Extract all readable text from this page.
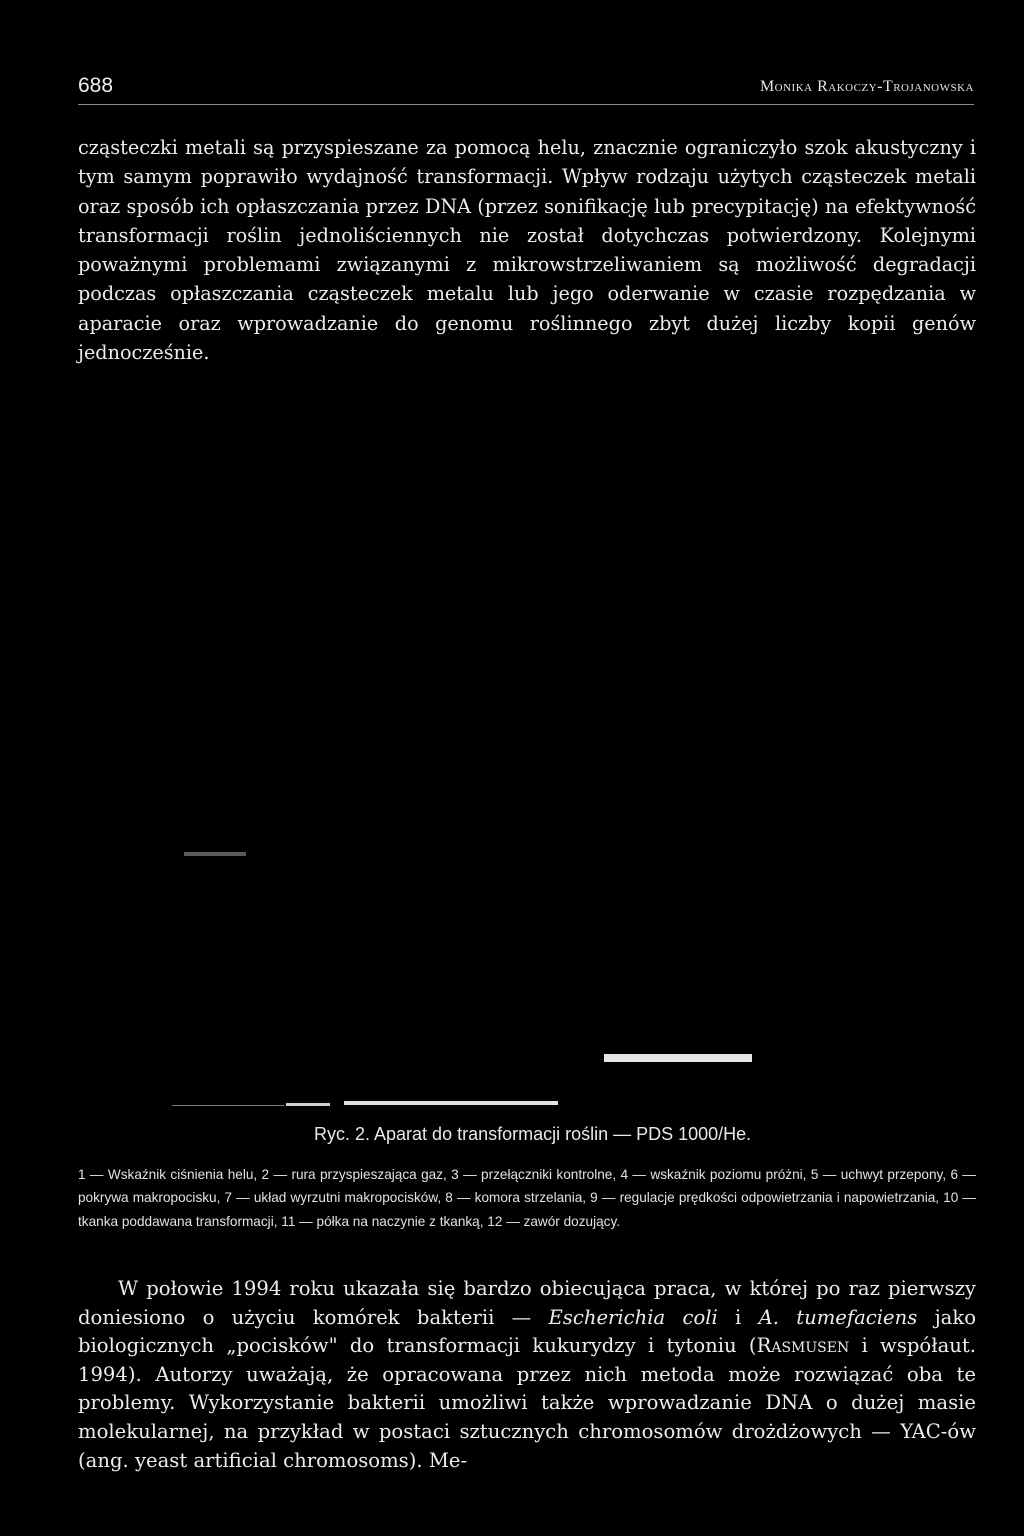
688	Monika Rakoczy-Trojanowska

cząsteczki metali są przyspieszane za pomocą helu, znacznie ograniczyło szok akustyczny i tym samym poprawiło wydajność transformacji. Wpływ rodzaju użytych cząsteczek metali oraz sposób ich opłaszczania przez DNA (przez sonifikację lub precypitację) na efektywność transformacji roślin jednoliściennych nie został dotychczas potwierdzony. Kolejnymi poważnymi problemami związanymi z mikrowstrzeliwaniem są możliwość degradacji podczas opłaszczania cząsteczek metalu lub jego oderwanie w czasie rozpędzania w aparacie oraz wprowadzanie do genomu roślinnego zbyt dużej liczby kopii genów jednocześnie.

Ryc. 2. Aparat do transformacji roślin — PDS 1000/He.

1 — Wskaźnik ciśnienia helu, 2 — rura przyspieszająca gaz, 3 — przełączniki kontrolne, 4 — wskaźnik poziomu próżni, 5 — uchwyt przepony, 6 — pokrywa makropocisku, 7 — układ wyrzutni makropocisków, 8 — komora strzelania, 9 — regulacje prędkości odpowietrzania i napowietrzania, 10 — tkanka poddawana transformacji, 11 — półka na naczynie z tkanką, 12 — zawór dozujący.

W połowie 1994 roku ukazała się bardzo obiecująca praca, w której po raz pierwszy doniesiono o użyciu komórek bakterii — Escherichia coli i A. tumefaciens jako biologicznych „pocisków" do transformacji kukurydzy i tytoniu (Rasmusen i współaut. 1994). Autorzy uważają, że opracowana przez nich metoda może rozwiązać oba te problemy. Wykorzystanie bakterii umożliwi także wprowadzanie DNA o dużej masie molekularnej, na przykład w postaci sztucznych chromosomów drożdżowych — YAC-ów (ang. yeast artificial chromosoms). Me-
